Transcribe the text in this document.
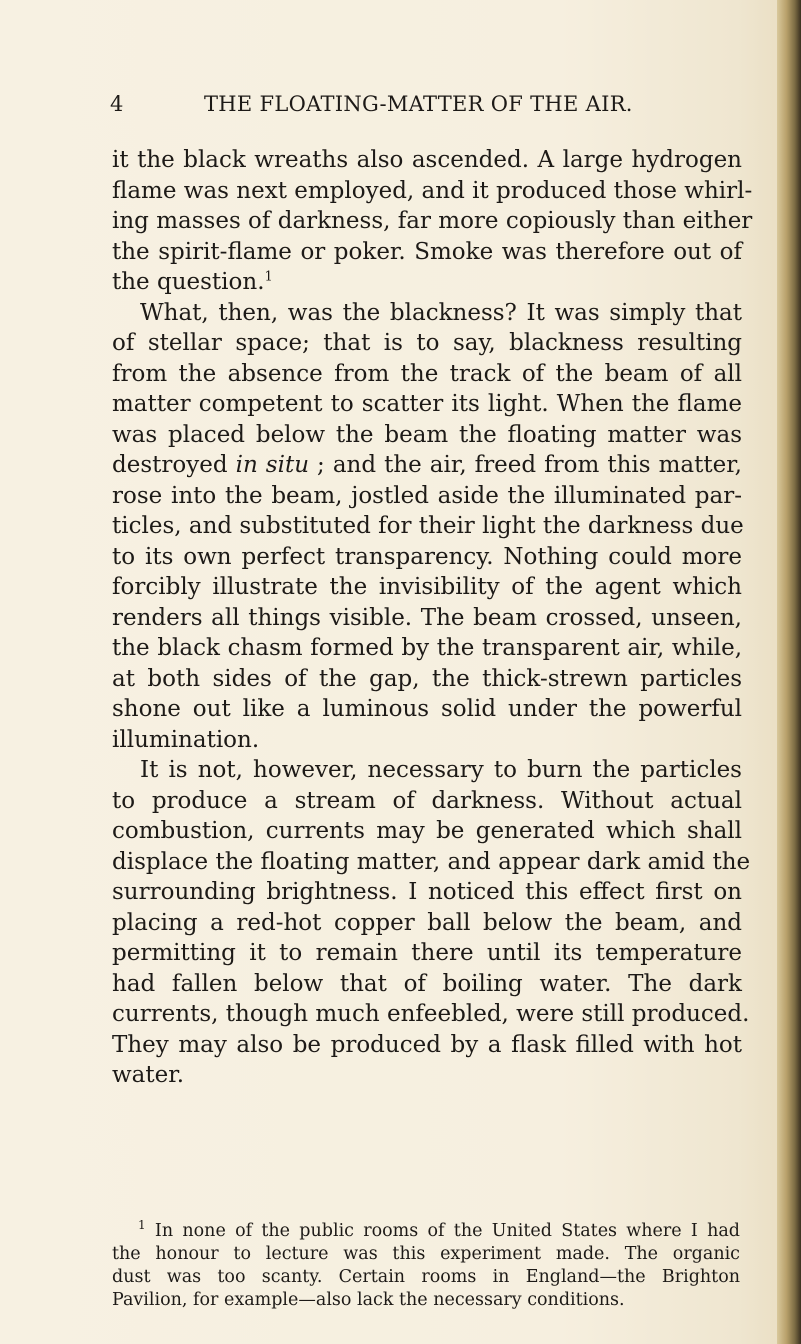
4	THE FLOATING-MATTER OF THE AIR.
it the black wreaths also ascended. A large hydrogen
flame was next employed, and it produced those whirl-
ing masses of darkness, far more copiously than either
the spirit-flame or poker. Smoke was therefore out of
the question.$^1$
What, then, was the blackness? It was simply that
of stellar space; that is to say, blackness resulting
from the absence from the track of the beam of all
matter competent to scatter its light. When the flame
was placed below the beam the floating matter was
destroyed in situ ; and the air, freed from this matter,
rose into the beam, jostled aside the illuminated par-
ticles, and substituted for their light the darkness due
to its own perfect transparency. Nothing could more
forcibly illustrate the invisibility of the agent which
renders all things visible. The beam crossed, unseen,
the black chasm formed by the transparent air, while,
at both sides of the gap, the thick-strewn particles
shone out like a luminous solid under the powerful
illumination.
It is not, however, necessary to burn the particles
to produce a stream of darkness. Without actual
combustion, currents may be generated which shall
displace the floating matter, and appear dark amid the
surrounding brightness. I noticed this effect first on
placing a red-hot copper ball below the beam, and
permitting it to remain there until its temperature
had fallen below that of boiling water. The dark
currents, though much enfeebled, were still produced.
They may also be produced by a flask filled with hot
water.
$^1$ In none of the public rooms of the United States where I had
the honour to lecture was this experiment made. The organic
dust was too scanty. Certain rooms in England—the Brighton
Pavilion, for example—also lack the necessary conditions.
